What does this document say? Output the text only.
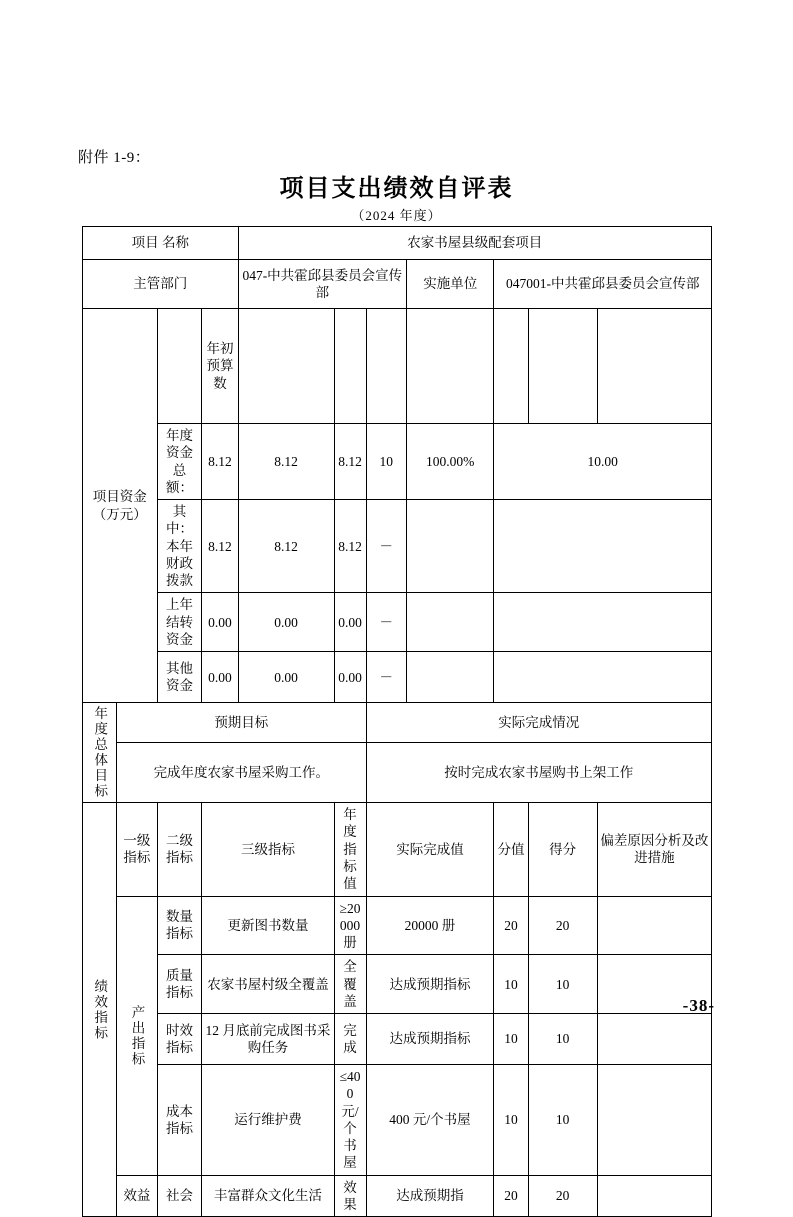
附件 1-9：
项目支出绩效自评表
（2024 年度）
项目 名称				农家书屋县级配套项目						
主管部门				047-中共霍邱县委员会宣传部			实施单位	047001-中共霍邱县委员会宣传部		

项目资金
（万元）			年初预算数							
		年度资金总额：	8.12	8.12	8.12	10	100.00%	10.00		
		其中：本年财政拨款	8.12	8.12	8.12	－				
		上年结转资金	0.00	0.00	0.00	－				
		其他资金	0.00	0.00	0.00	－				

年度总体目标	预期目标					实际完成情况				
	完成年度农家书屋采购工作。					按时完成农家书屋购书上架工作				

绩效指标	一级指标	二级指标	三级指标		年度指标值	实际完成值		分值	得分	偏差原因分析及改进措施

	产出指标	数量指标	更新图书数量		≥20000 册	20000 册		20	20	
		质量指标	农家书屋村级全覆盖		全覆盖	达成预期指标		10	10	
		时效指标	12 月底前完成图书采购任务		完成	达成预期指标		10	10	
		成本指标	运行维护费		≤400 元/个书屋	400 元/个书屋		10	10	
	效益	社会	丰富群众文化生活		效果	达成预期指		20	20	
-38-
